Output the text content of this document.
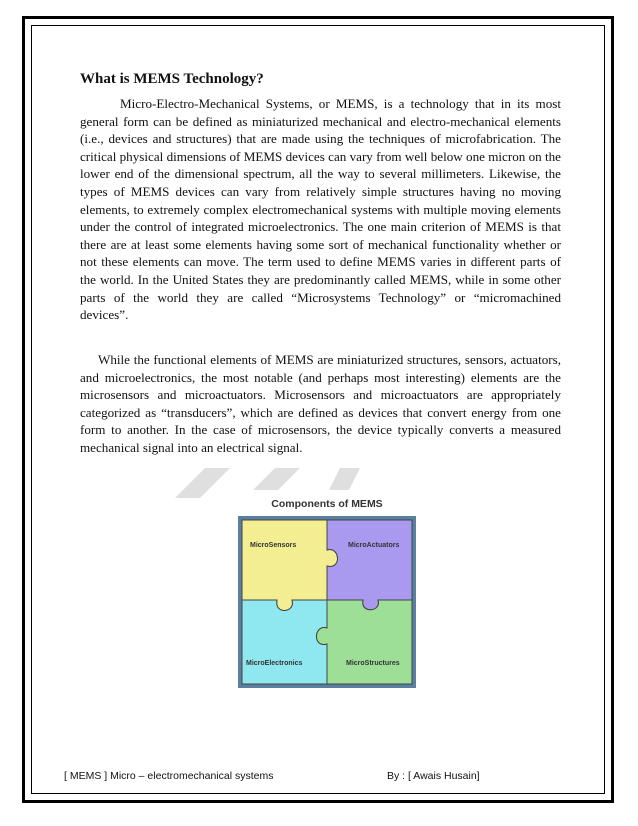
What is MEMS Technology?

Micro-Electro-Mechanical Systems, or MEMS, is a technology that in its most general form can be defined as miniaturized mechanical and electro-mechanical elements (i.e., devices and structures) that are made using the techniques of microfabrication. The critical physical dimensions of MEMS devices can vary from well below one micron on the lower end of the dimensional spectrum, all the way to several millimeters. Likewise, the types of MEMS devices can vary from relatively simple structures having no moving elements, to extremely complex electromechanical systems with multiple moving elements under the control of integrated microelectronics. The one main criterion of MEMS is that there are at least some elements having some sort of mechanical functionality whether or not these elements can move. The term used to define MEMS varies in different parts of the world. In the United States they are predominantly called MEMS, while in some other parts of the world they are called “Microsystems Technology” or “micromachined devices”.

While the functional elements of MEMS are miniaturized structures, sensors, actuators, and microelectronics, the most notable (and perhaps most interesting) elements are the microsensors and microactuators. Microsensors and microactuators are appropriately categorized as “transducers”, which are defined as devices that convert energy from one form to another. In the case of microsensors, the device typically converts a measured mechanical signal into an electrical signal.

Components of MEMS
MicroSensors	MicroActuators
MicroElectronics	MicroStructures
[ MEMS ] Micro – electromechanical systems	By : [ Awais Husain]
